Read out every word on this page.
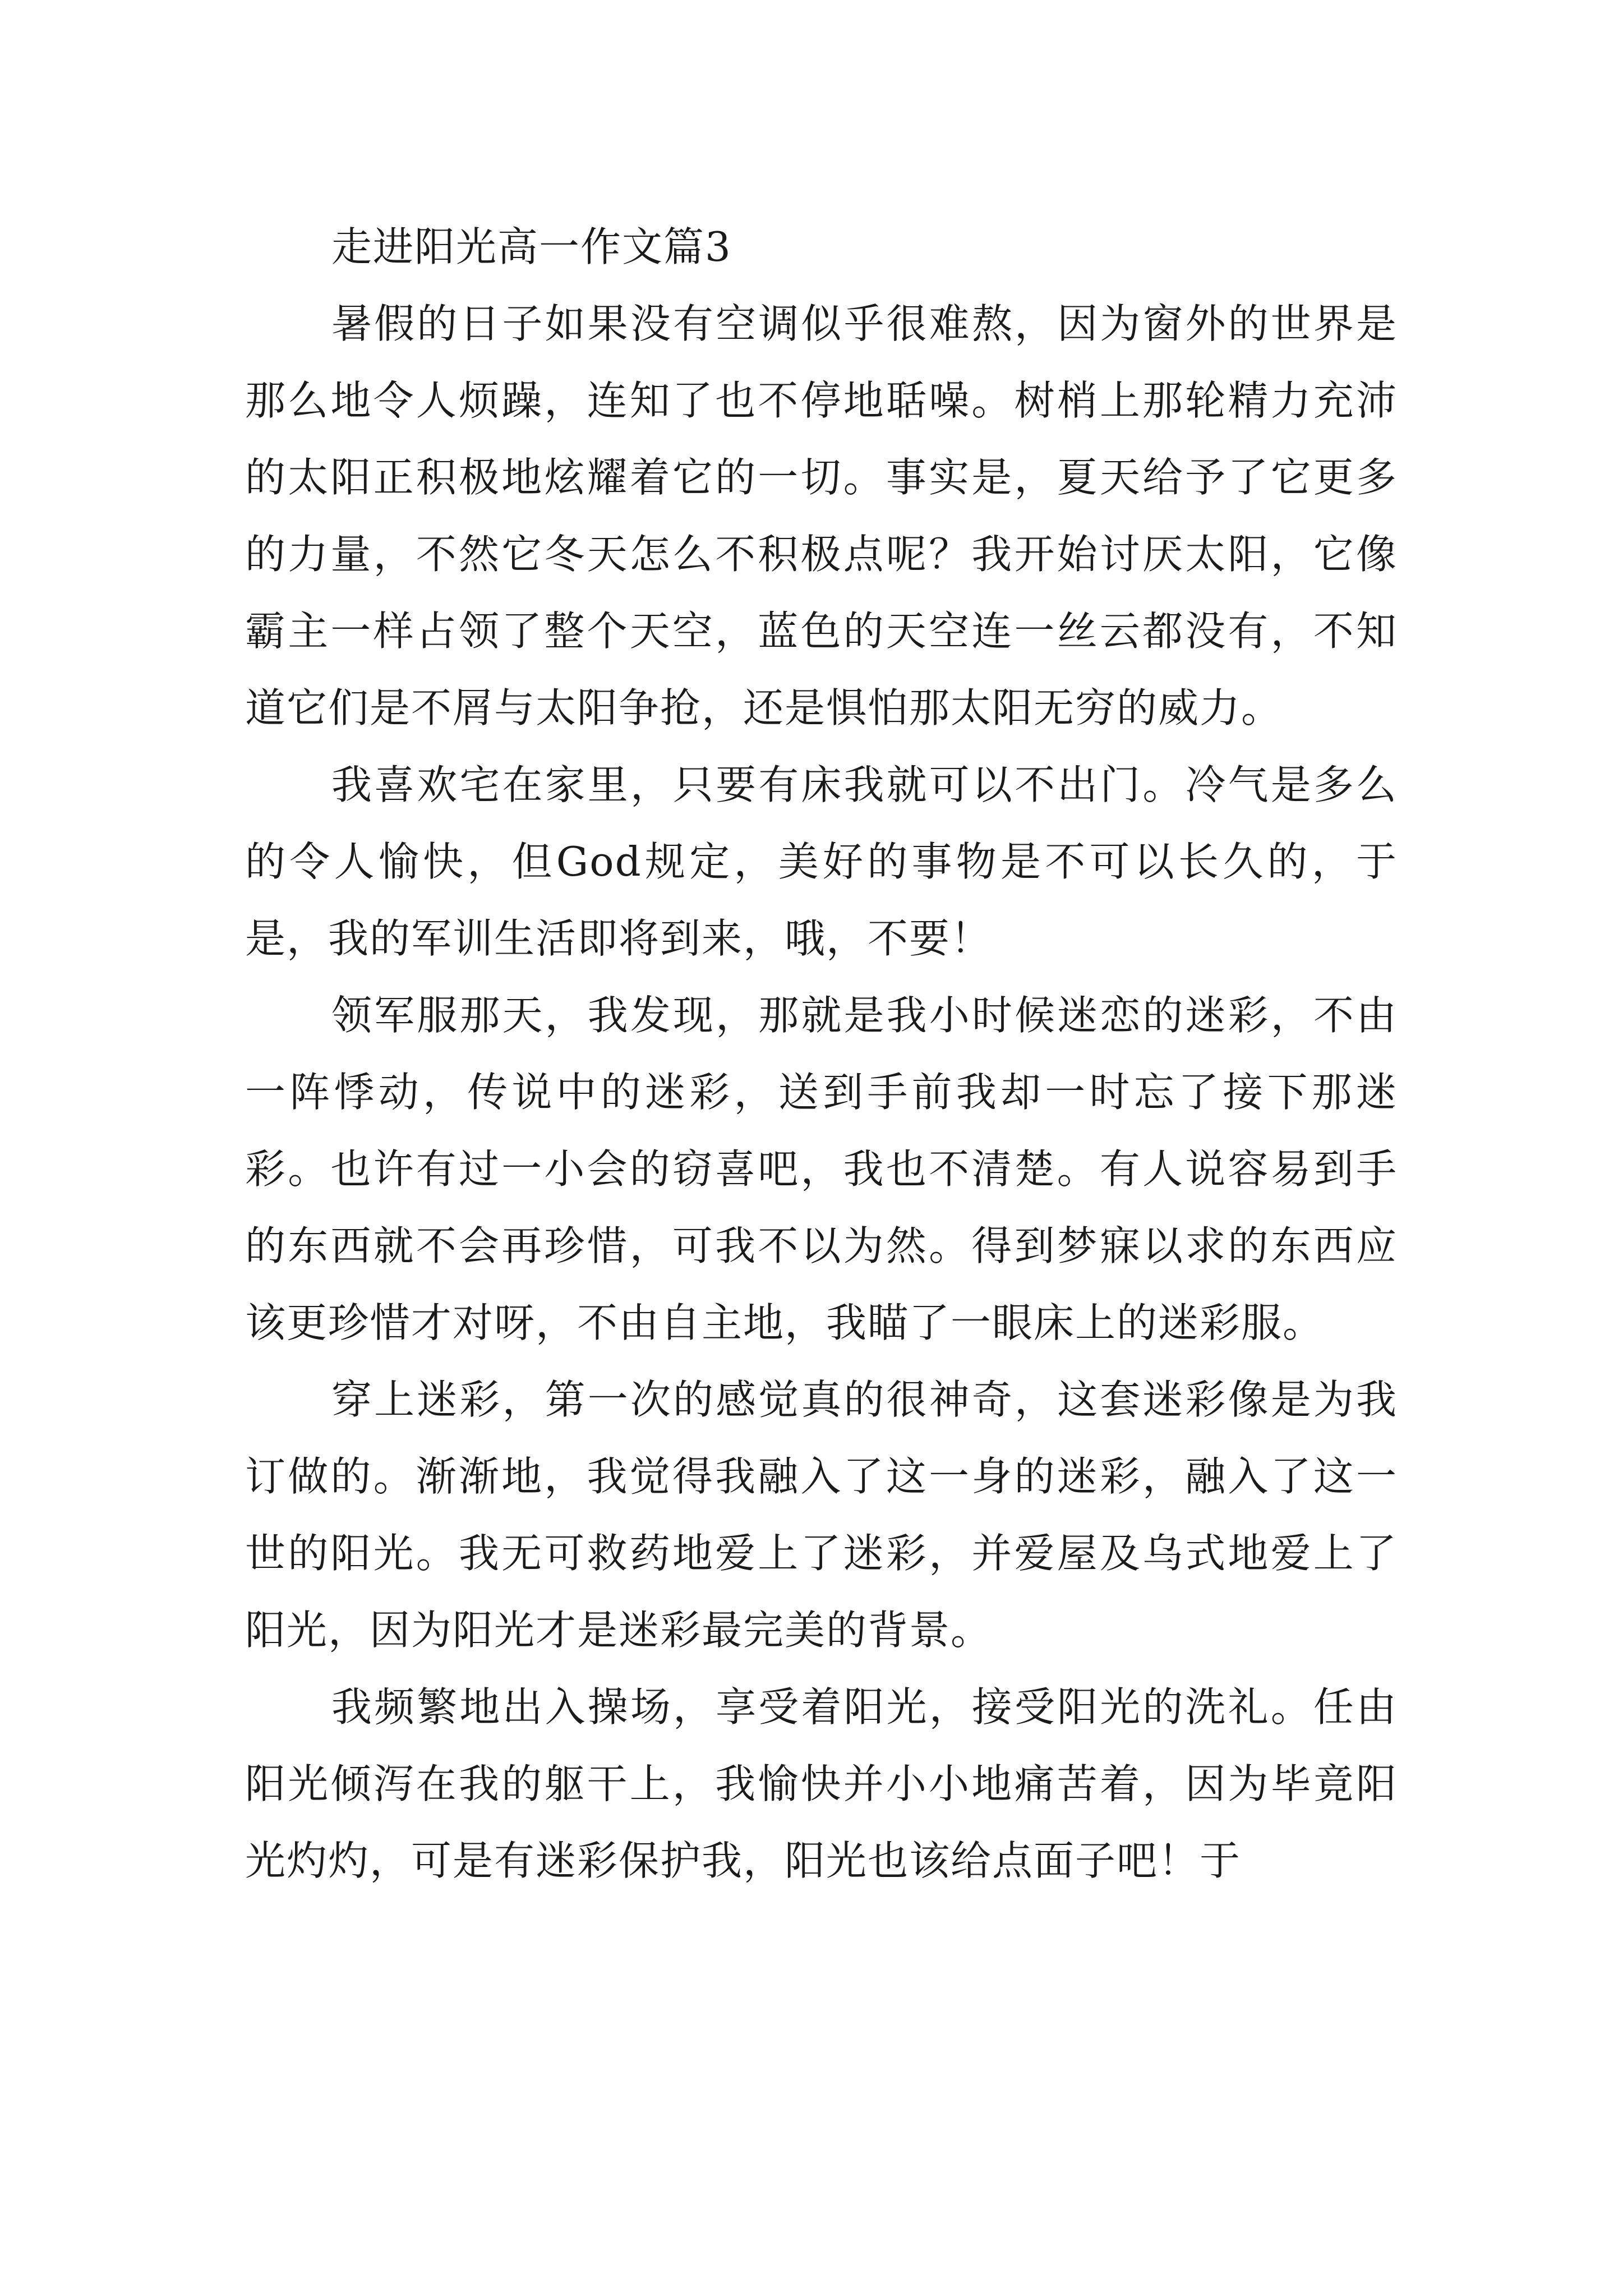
走进阳光高一作文篇3

暑假的日子如果没有空调似乎很难熬，因为窗外的世界是那么地令人烦躁，连知了也不停地聒噪。树梢上那轮精力充沛的太阳正积极地炫耀着它的一切。事实是，夏天给予了它更多的力量，不然它冬天怎么不积极点呢？我开始讨厌太阳，它像霸主一样占领了整个天空，蓝色的天空连一丝云都没有，不知道它们是不屑与太阳争抢，还是惧怕那太阳无穷的威力。

我喜欢宅在家里，只要有床我就可以不出门。冷气是多么的令人愉快，但God规定，美好的事物是不可以长久的，于是，我的军训生活即将到来，哦，不要！

领军服那天，我发现，那就是我小时候迷恋的迷彩，不由一阵悸动，传说中的迷彩，送到手前我却一时忘了接下那迷彩。也许有过一小会的窃喜吧，我也不清楚。有人说容易到手的东西就不会再珍惜，可我不以为然。得到梦寐以求的东西应该更珍惜才对呀，不由自主地，我瞄了一眼床上的迷彩服。

穿上迷彩，第一次的感觉真的很神奇，这套迷彩像是为我订做的。渐渐地，我觉得我融入了这一身的迷彩，融入了这一世的阳光。我无可救药地爱上了迷彩，并爱屋及乌式地爱上了阳光，因为阳光才是迷彩最完美的背景。

我频繁地出入操场，享受着阳光，接受阳光的洗礼。任由阳光倾泻在我的躯干上，我愉快并小小地痛苦着，因为毕竟阳光灼灼，可是有迷彩保护我，阳光也该给点面子吧！于
